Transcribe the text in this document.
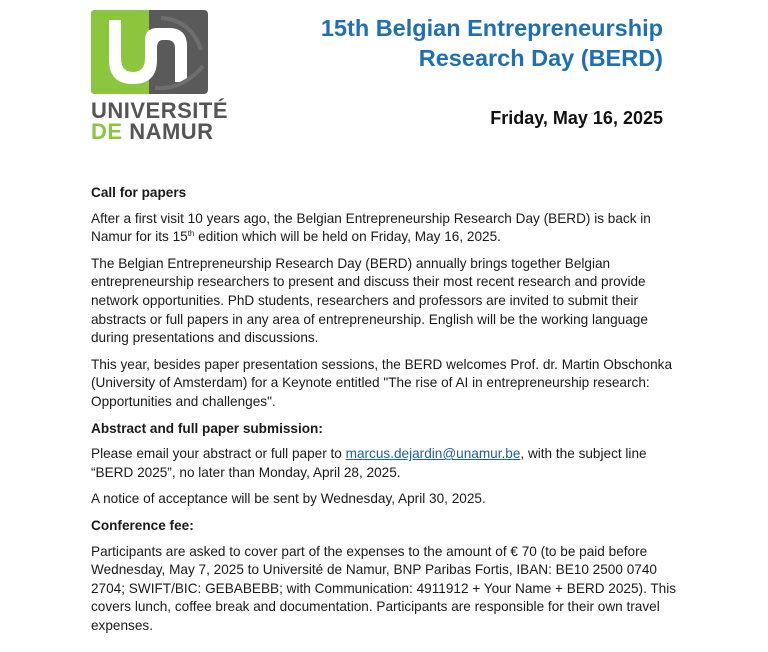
UNIVERSITÉ
DE NAMUR
15th Belgian Entrepreneurship
Research Day (BERD)
Friday, May 16, 2025

Call for papers

After a first visit 10 years ago, the Belgian Entrepreneurship Research Day (BERD) is back in Namur for its 15th edition which will be held on Friday, May 16, 2025.

The Belgian Entrepreneurship Research Day (BERD) annually brings together Belgian entrepreneurship researchers to present and discuss their most recent research and provide network opportunities. PhD students, researchers and professors are invited to submit their abstracts or full papers in any area of entrepreneurship. English will be the working language during presentations and discussions.

This year, besides paper presentation sessions, the BERD welcomes Prof. dr. Martin Obschonka (University of Amsterdam) for a Keynote entitled "The rise of AI in entrepreneurship research: Opportunities and challenges".

Abstract and full paper submission:

Please email your abstract or full paper to marcus.dejardin@unamur.be, with the subject line “BERD 2025”, no later than Monday, April 28, 2025.

A notice of acceptance will be sent by Wednesday, April 30, 2025.

Conference fee:

Participants are asked to cover part of the expenses to the amount of € 70 (to be paid before Wednesday, May 7, 2025 to Université de Namur, BNP Paribas Fortis, IBAN: BE10 2500 0740 2704; SWIFT/BIC: GEBABEBB; with Communication: 4911912 + Your Name + BERD 2025). This covers lunch, coffee break and documentation. Participants are responsible for their own travel expenses.
